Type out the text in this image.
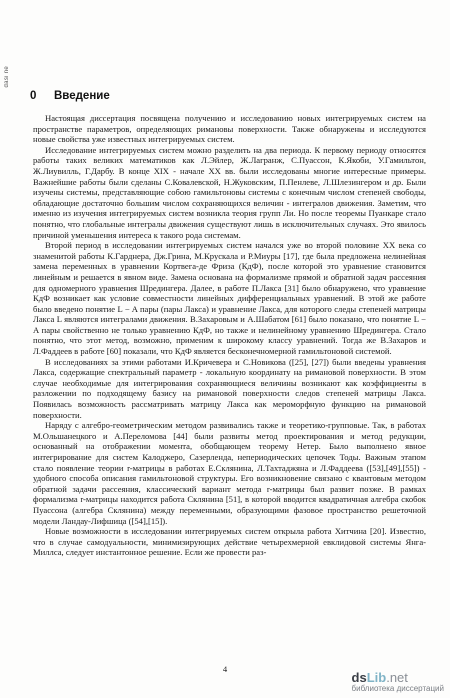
dasi ne
0 Введение

Настоящая диссертация посвящена получению и исследованию новых интегрируемых систем на пространстве параметров, определяющих римановы поверхности. Также обнаружены и исследуются новые свойства уже известных интегрируемых систем.

Исследование интегрируемых систем можно разделить на два периода. К первому периоду относятся работы таких великих математиков как Л.Эйлер, Ж.Лагранж, С.Пуассон, К.Якоби, У.Гамильтон, Ж.Лиувилль, Г.Дарбу. В конце XIX - начале XX вв. были исследованы многие интересные примеры. Важнейшие работы были сделаны С.Ковалевской, Н.Жуковским, П.Пенлеве, Л.Шлезингером и др. Были изучены системы, представляющие собою гамильтоновы системы с конечным числом степеней свободы, обладающие достаточно большим числом сохраняющихся величин - интегралов движения. Заметим, что именно из изучения интегрируемых систем возникла теория групп Ли. Но после теоремы Пуанкаре стало понятно, что глобальные интегралы движения существуют лишь в исключительных случаях. Это явилось причиной уменьшения интереса к такого рода системам.

Второй период в исследовании интегрируемых систем начался уже во второй половине XX века со знаменитой работы К.Гарднера, Дж.Грина, М.Крускала и Р.Миуры [17], где была предложена нелинейная замена переменных в уравнении Кортвега-де Фриза (КдФ), после которой это уравнение становится линейным и решается в явном виде. Замена основана на формализме прямой и обратной задач рассеяния для одномерного уравнения Шредингера. Далее, в работе П.Лакса [31] было обнаружено, что уравнение КдФ возникает как условие совместности линейных дифференциальных уравнений. В этой же работе было введено понятие L − A пары (пары Лакса) и уравнение Лакса, для которого следы степеней матрицы Лакса L являются интегралами движения. В.Захаровым и А.Шабатом [61] было показано, что понятие L − A пары свойственно не только уравнению КдФ, но также и нелинейному уравнению Шредингера. Стало понятно, что этот метод, возможно, применим к широкому классу уравнений. Тогда же В.Захаров и Л.Фаддеев в работе [60] показали, что КдФ является бесконечномерной гамильтоновой системой.

В исследованиях за этими работами И.Кричевера и С.Новикова ([25], [27]) были введены уравнения Лакса, содержащие спектральный параметр - локальную координату на римановой поверхности. В этом случае необходимые для интегрирования сохраняющиеся величины возникают как коэффициенты в разложении по подходящему базису на римановой поверхности следов степеней матрицы Лакса. Появилась возможность рассматривать матрицу Лакса как мероморфную функцию на римановой поверхности.

Наряду с алгебро-геометрическим методом развивались также и теоретико-групповые. Так, в работах М.Ольшанецкого и А.Переломова [44] были развиты метод проектирования и метод редукции, основанный на отображении момента, обобщающем теорему Нетер. Было выполнено явное интегрирование для систем Калоджеро, Сазерленда, непериодических цепочек Тоды. Важным этапом стало появление теории r-матрицы в работах Е.Склянина, Л.Тахтаджяна и Л.Фаддеева ([53],[49],[55]) - удобного способа описания гамильтоновой структуры. Его возникновение связано с квантовым методом обратной задачи рассеяния, классический вариант метода r-матрицы был развит позже. В рамках формализма r-матрицы находится работа Склянина [51], в которой вводится квадратичная алгебра скобок Пуассона (алгебра Склянина) между переменными, образующими фазовое пространство решеточной модели Ландау-Лифшица ([54],[15]).

Новые возможности в исследовании интегрируемых систем открыла работа Хитчина [20]. Известно, что в случае самодуальности, минимизирующих действие четырехмерной евклидовой системы Янга-Миллса, следует инстантонное решение. Если же провести раз-

4
dsLib.net
библиотека диссертаций
